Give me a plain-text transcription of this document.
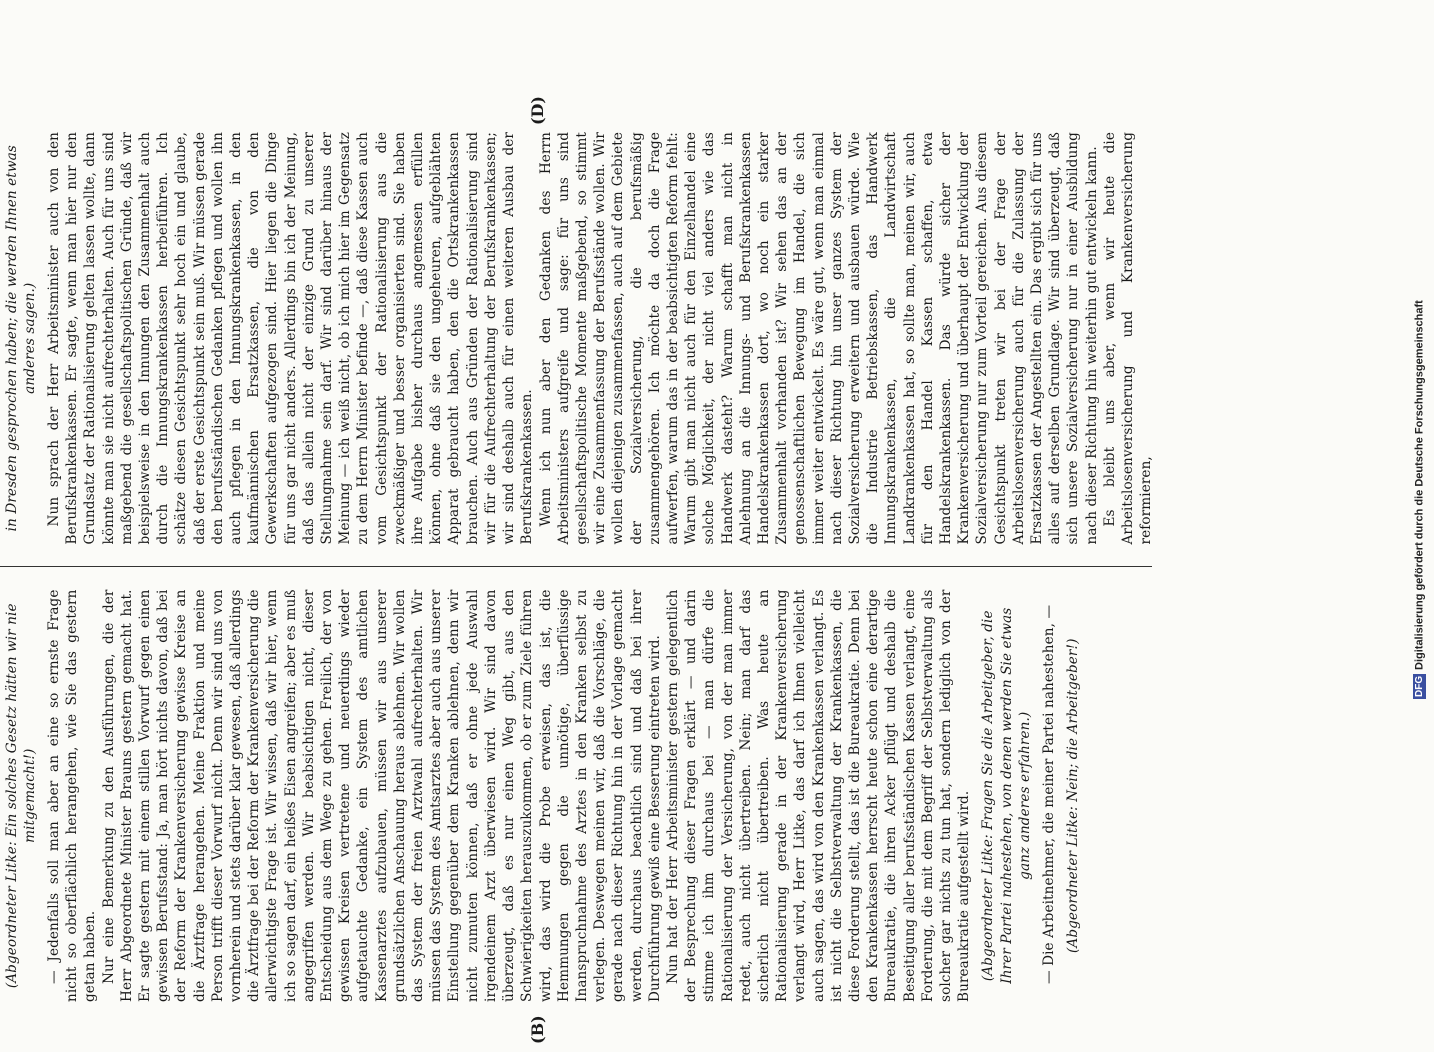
DFG
Digitalisierung gefördert durch die Deutsche Forschungsgemeinschaft
(B)
(D)

(Abgeordneter Litke: Ein solches Gesetz hätten wir nie mitgemacht!) — Jedenfalls soll man aber an eine so ernste Frage nicht so oberflächlich herangehen, wie Sie das gestern getan haben. Nur eine Bemerkung zu den Ausführungen, die der Herr Abgeordnete Minister Brauns gestern gemacht hat. Er sagte gestern mit einem stillen Vorwurf gegen einen gewissen Berufsstand: Ja, man hört nichts davon, daß bei der Reform der Krankenversicherung gewisse Kreise an die Ärztfrage herangehen. Meine Fraktion und meine Person trifft dieser Vorwurf nicht. Denn wir sind uns von vornherein und stets darüber klar gewesen, daß allerdings die Ärztfrage bei der Reform der Krankenversicherung die allerwichtigste Frage ist. Wir wissen, daß wir hier, wenn ich so sagen darf, ein heißes Eisen angreifen; aber es muß angegriffen werden. Wir beabsichtigen nicht, dieser Entscheidung aus dem Wege zu gehen. Freilich, der von gewissen Kreisen vertretene und neuerdings wieder aufgetauchte Gedanke, ein System des amtlichen Kassenarztes aufzubauen, müssen wir aus unserer grundsätzlichen Anschauung heraus ablehnen. Wir wollen das System der freien Arztwahl aufrechterhalten. Wir müssen das System des Amtsarztes aber auch aus unserer Einstellung gegenüber dem Kranken ablehnen, denn wir nicht zumuten können, daß er ohne jede Auswahl irgendeinem Arzt überwiesen wird. Wir sind davon überzeugt, daß es nur einen Weg gibt, aus den Schwierigkeiten herauszukommen, ob er zum Ziele führen wird, das wird die Probe erweisen, das ist, die Hemmungen gegen die unnötige, überflüssige Inanspruchnahme des Arztes in den Kranken selbst zu verlegen. Deswegen meinen wir, daß die Vorschläge, die gerade nach dieser Richtung hin in der Vorlage gemacht werden, durchaus beachtlich sind und daß bei ihrer Durchführung gewiß eine Besserung eintreten wird. Nun hat der Herr Arbeitsminister gestern gelegentlich der Besprechung dieser Fragen erklärt — und darin stimme ich ihm durchaus bei — man dürfe die Rationalisierung der Versicherung, von der man immer redet, auch nicht übertreiben. Nein; man darf das sicherlich nicht übertreiben. Was heute an Rationalisierung gerade in der Krankenversicherung verlangt wird, Herr Litke, das darf ich Ihnen vielleicht auch sagen, das wird von den Krankenkassen verlangt. Es ist nicht die Selbstverwaltung der Krankenkassen, die diese Forderung stellt, das ist die Bureaukratie. Denn bei den Krankenkassen herrscht heute schon eine derartige Bureaukratie, die ihren Acker pflügt und deshalb die Beseitigung aller berufsständischen Kassen verlangt, eine Forderung, die mit dem Begriff der Selbstverwaltung als solcher gar nichts zu tun hat, sondern lediglich von der Bureaukratie aufgestellt wird. (Abgeordneter Litke: Fragen Sie die Arbeitgeber, die Ihrer Partei nahestehen, von denen werden Sie etwas ganz anderes erfahren.) — Die Arbeitnehmer, die meiner Partei nahestehen, — (Abgeordneter Litke: Nein; die Arbeitgeber!)

in Dresden gesprochen haben; die werden Ihnen etwas anderes sagen.) Nun sprach der Herr Arbeitsminister auch von den Berufskrankenkassen. Er sagte, wenn man hier nur den Grundsatz der Rationalisierung gelten lassen wollte, dann könnte man sie nicht aufrechterhalten. Auch für uns sind maßgebend die gesellschaftspolitischen Gründe, daß wir beispielsweise in den Innungen den Zusammenhalt auch durch die Innungskrankenkassen herbeiführen. Ich schätze diesen Gesichtspunkt sehr hoch ein und glaube, daß der erste Gesichtspunkt sein muß. Wir müssen gerade den berufsständischen Gedanken pflegen und wollen ihn auch pflegen in den Innungskrankenkassen, in den kaufmännischen Ersatzkassen, die von den Gewerkschaften aufgezogen sind. Hier liegen die Dinge für uns gar nicht anders. Allerdings bin ich der Meinung, daß das allein nicht der einzige Grund zu unserer Stellungnahme sein darf. Wir sind darüber hinaus der Meinung — ich weiß nicht, ob ich mich hier im Gegensatz zu dem Herrn Minister befinde —, daß diese Kassen auch vom Gesichtspunkt der Rationalisierung aus die zweckmäßiger und besser organisierten sind. Sie haben ihre Aufgabe bisher durchaus angemessen erfüllen können, ohne daß sie den ungeheuren, aufgeblähten Apparat gebraucht haben, den die Ortskrankenkassen brauchen. Auch aus Gründen der Rationalisierung sind wir für die Aufrechterhaltung der Berufskrankenkassen; wir sind deshalb auch für einen weiteren Ausbau der Berufskrankenkassen. Wenn ich nun aber den Gedanken des Herrn Arbeitsministers aufgreife und sage: für uns sind gesellschaftspolitische Momente maßgebend, so stimmt wir eine Zusammenfassung der Berufsstände wollen. Wir wollen diejenigen zusammenfassen, auch auf dem Gebiete der Sozialversicherung, die berufsmäßig zusammengehören. Ich möchte da doch die Frage aufwerfen, warum das in der beabsichtigten Reform fehlt: Warum gibt man nicht auch für den Einzelhandel eine solche Möglichkeit, der nicht viel anders wie das Handwerk dasteht? Warum schafft man nicht in Anlehnung an die Innungs- und Berufskrankenkassen Handelskrankenkassen dort, wo noch ein starker Zusammenhalt vorhanden ist? Wir sehen das an der genossenschaftlichen Bewegung im Handel, die sich immer weiter entwickelt. Es wäre gut, wenn man einmal nach dieser Richtung hin unser ganzes System der Sozialversicherung erweitern und ausbauen würde. Wie die Industrie Betriebskassen, das Handwerk Innungskrankenkassen, die Landwirtschaft Landkrankenkassen hat, so sollte man, meinen wir, auch für den Handel Kassen schaffen, etwa Handelskrankenkassen. Das würde sicher der Krankenversicherung und überhaupt der Entwicklung der Sozialversicherung nur zum Vorteil gereichen. Aus diesem Gesichtspunkt treten wir bei der Frage der Arbeitslosenversicherung auch für die Zulassung der Ersatzkassen der Angestellten ein. Das ergibt sich für uns alles auf derselben Grundlage. Wir sind überzeugt, daß sich unsere Sozialversicherung nur in einer Ausbildung nach dieser Richtung hin weiterhin gut entwickeln kann. Es bleibt uns aber, wenn wir heute die Arbeitslosenversicherung und Krankenversicherung reformieren,
